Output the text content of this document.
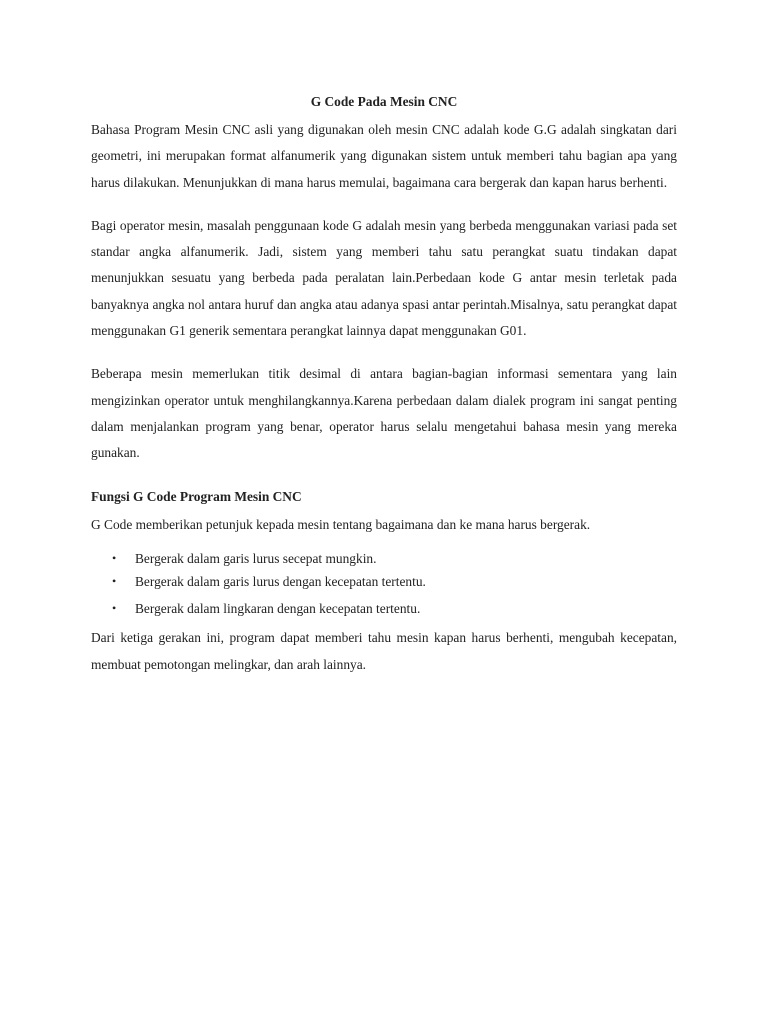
G Code Pada Mesin CNC

Bahasa Program Mesin CNC asli yang digunakan oleh mesin CNC adalah kode G.G adalah singkatan dari geometri, ini merupakan format alfanumerik yang digunakan sistem untuk memberi tahu bagian apa yang harus dilakukan. Menunjukkan di mana harus memulai, bagaimana cara bergerak dan kapan harus berhenti.

Bagi operator mesin, masalah penggunaan kode G adalah mesin yang berbeda menggunakan variasi pada set standar angka alfanumerik. Jadi, sistem yang memberi tahu satu perangkat suatu tindakan dapat menunjukkan sesuatu yang berbeda pada peralatan lain.Perbedaan kode G antar mesin terletak pada banyaknya angka nol antara huruf dan angka atau adanya spasi antar perintah.Misalnya, satu perangkat dapat menggunakan G1 generik sementara perangkat lainnya dapat menggunakan G01.

Beberapa mesin memerlukan titik desimal di antara bagian-bagian informasi sementara yang lain mengizinkan operator untuk menghilangkannya.Karena perbedaan dalam dialek program ini sangat penting dalam menjalankan program yang benar, operator harus selalu mengetahui bahasa mesin yang mereka gunakan.

Fungsi G Code Program Mesin CNC
G Code memberikan petunjuk kepada mesin tentang bagaimana dan ke mana harus bergerak.
• Bergerak dalam garis lurus secepat mungkin.
• Bergerak dalam garis lurus dengan kecepatan tertentu.
• Bergerak dalam lingkaran dengan kecepatan tertentu.

Dari ketiga gerakan ini, program dapat memberi tahu mesin kapan harus berhenti, mengubah kecepatan, membuat pemotongan melingkar, dan arah lainnya.
